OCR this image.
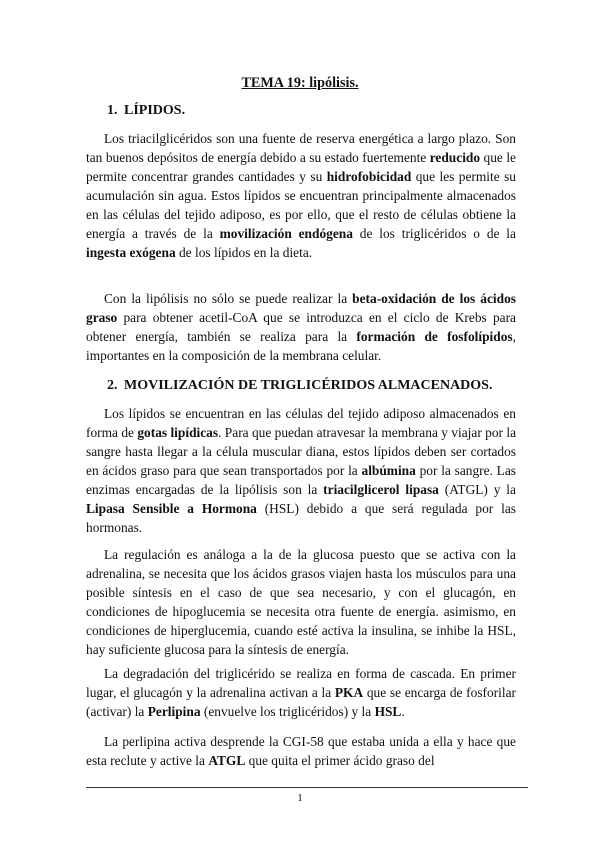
TEMA 19: lipólisis.
1. LÍPIDOS.

Los triacilglicéridos son una fuente de reserva energética a largo plazo. Son tan buenos depósitos de energía debido a su estado fuertemente reducido que le permite concentrar grandes cantidades y su hidrofobicidad que les permite su acumulación sin agua. Estos lípidos se encuentran principalmente almacenados en las células del tejido adiposo, es por ello, que el resto de células obtiene la energía a través de la movilización endógena de los triglicéridos o de la ingesta exógena de los lípidos en la dieta.

Con la lipólisis no sólo se puede realizar la beta-oxidación de los ácidos graso para obtener acetil-CoA que se introduzca en el ciclo de Krebs para obtener energía, también se realiza para la formación de fosfolípidos, importantes en la composición de la membrana celular.

2. MOVILIZACIÓN DE TRIGLICÉRIDOS ALMACENADOS.

Los lípidos se encuentran en las células del tejido adiposo almacenados en forma de gotas lipídicas. Para que puedan atravesar la membrana y viajar por la sangre hasta llegar a la célula muscular diana, estos lípidos deben ser cortados en ácidos graso para que sean transportados por la albúmina por la sangre. Las enzimas encargadas de la lipólisis son la triacilglicerol lipasa (ATGL) y la Lipasa Sensible a Hormona (HSL) debido a que será regulada por las hormonas.

La regulación es análoga a la de la glucosa puesto que se activa con la adrenalina, se necesita que los ácidos grasos viajen hasta los músculos para una posible síntesis en el caso de que sea necesario, y con el glucagón, en condiciones de hipoglucemia se necesita otra fuente de energía. asimismo, en condiciones de hiperglucemia, cuando esté activa la insulina, se inhibe la HSL, hay suficiente glucosa para la síntesis de energía.

La degradación del triglicérido se realiza en forma de cascada. En primer lugar, el glucagón y la adrenalina activan a la PKA que se encarga de fosforilar (activar) la Perlipina (envuelve los triglicéridos) y la HSL.

La perlipina activa desprende la CGI-58 que estaba unida a ella y hace que esta reclute y active la ATGL que quita el primer ácido graso del

1
